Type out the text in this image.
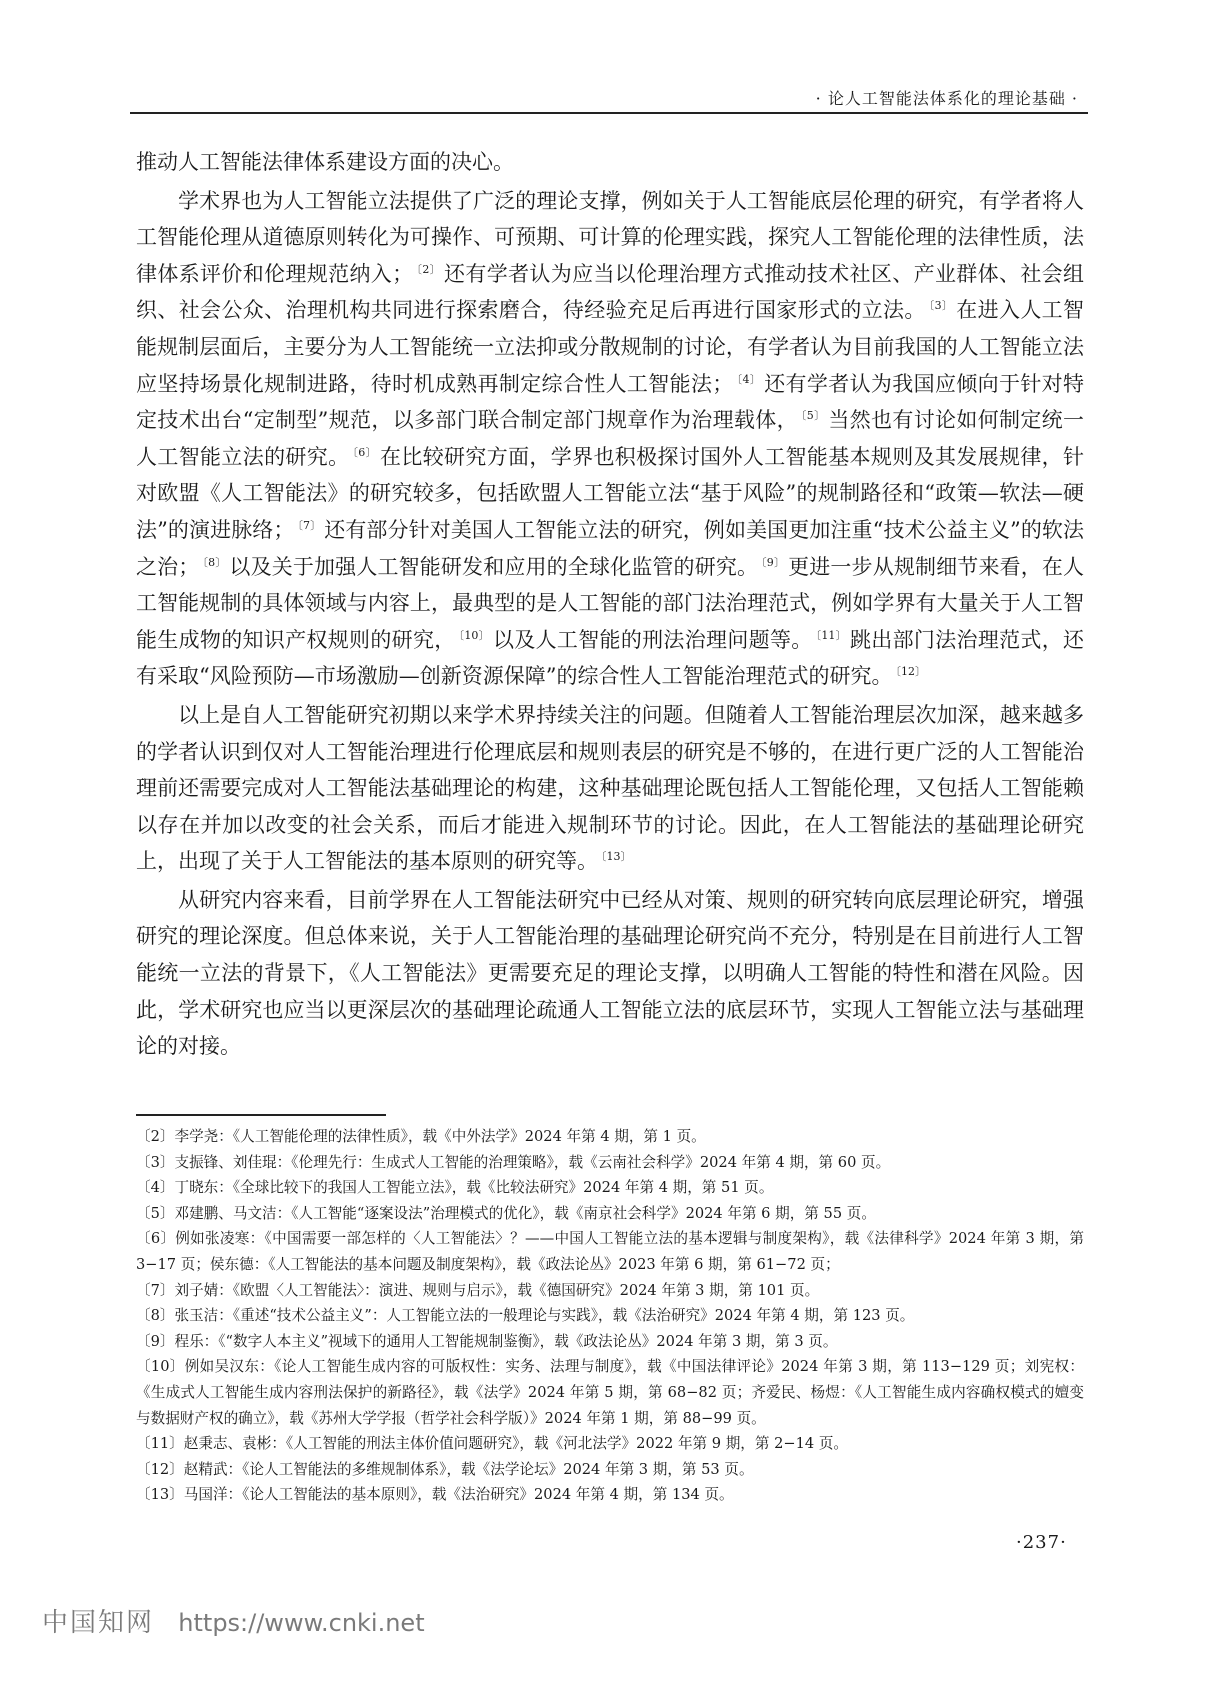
· 论人工智能法体系化的理论基础 ·

推动人工智能法律体系建设方面的决心。

学术界也为人工智能立法提供了广泛的理论支撑，例如关于人工智能底层伦理的研究，有学者将人工智能伦理从道德原则转化为可操作、可预期、可计算的伦理实践，探究人工智能伦理的法律性质，法律体系评价和伦理规范纳入； $^{〔2〕}$ 还有学者认为应当以伦理治理方式推动技术社区、产业群体、社会组织、社会公众、治理机构共同进行探索磨合，待经验充足后再进行国家形式的立法。 $^{〔3〕}$ 在进入人工智能规制层面后，主要分为人工智能统一立法抑或分散规制的讨论，有学者认为目前我国的人工智能立法应坚持场景化规制进路，待时机成熟再制定综合性人工智能法； $^{〔4〕}$ 还有学者认为我国应倾向于针对特定技术出台“定制型”规范，以多部门联合制定部门规章作为治理载体， $^{〔5〕}$ 当然也有讨论如何制定统一人工智能立法的研究。 $^{〔6〕}$ 在比较研究方面，学界也积极探讨国外人工智能基本规则及其发展规律，针对欧盟《人工智能法》的研究较多，包括欧盟人工智能立法“基于风险”的规制路径和“政策—软法—硬法”的演进脉络； $^{〔7〕}$ 还有部分针对美国人工智能立法的研究，例如美国更加注重“技术公益主义”的软法之治； $^{〔8〕}$ 以及关于加强人工智能研发和应用的全球化监管的研究。 $^{〔9〕}$ 更进一步从规制细节来看，在人工智能规制的具体领域与内容上，最典型的是人工智能的部门法治理范式，例如学界有大量关于人工智能生成物的知识产权规则的研究， $^{〔10〕}$ 以及人工智能的刑法治理问题等。 $^{〔11〕}$ 跳出部门法治理范式，还有采取“风险预防—市场激励—创新资源保障”的综合性人工智能治理范式的研究。 $^{〔12〕}$

以上是自人工智能研究初期以来学术界持续关注的问题。但随着人工智能治理层次加深，越来越多的学者认识到仅对人工智能治理进行伦理底层和规则表层的研究是不够的，在进行更广泛的人工智能治理前还需要完成对人工智能法基础理论的构建，这种基础理论既包括人工智能伦理，又包括人工智能赖以存在并加以改变的社会关系，而后才能进入规制环节的讨论。因此，在人工智能法的基础理论研究上，出现了关于人工智能法的基本原则的研究等。 $^{〔13〕}$

从研究内容来看，目前学界在人工智能法研究中已经从对策、规则的研究转向底层理论研究，增强研究的理论深度。但总体来说，关于人工智能治理的基础理论研究尚不充分，特别是在目前进行人工智能统一立法的背景下，《人工智能法》更需要充足的理论支撑，以明确人工智能的特性和潜在风险。因此，学术研究也应当以更深层次的基础理论疏通人工智能立法的底层环节，实现人工智能立法与基础理论的对接。

〔2〕李学尧：《人工智能伦理的法律性质》，载《中外法学》2024 年第 4 期，第 1 页。

〔3〕支振锋、刘佳琨：《伦理先行：生成式人工智能的治理策略》，载《云南社会科学》2024 年第 4 期，第 60 页。

〔4〕丁晓东：《全球比较下的我国人工智能立法》，载《比较法研究》2024 年第 4 期，第 51 页。

〔5〕邓建鹏、马文洁：《人工智能“逐案设法”治理模式的优化》，载《南京社会科学》2024 年第 6 期，第 55 页。

〔6〕例如张凌寒：《中国需要一部怎样的〈人工智能法〉？——中国人工智能立法的基本逻辑与制度架构》，载《法律科学》2024 年第 3 期，第 3−17 页；侯东德：《人工智能法的基本问题及制度架构》，载《政法论丛》2023 年第 6 期，第 61−72 页；

〔7〕刘子婧：《欧盟〈人工智能法〉：演进、规则与启示》，载《德国研究》2024 年第 3 期，第 101 页。

〔8〕张玉洁：《重述“技术公益主义”：人工智能立法的一般理论与实践》，载《法治研究》2024 年第 4 期，第 123 页。

〔9〕程乐：《“数字人本主义”视域下的通用人工智能规制鉴衡》，载《政法论丛》2024 年第 3 期，第 3 页。

〔10〕例如吴汉东：《论人工智能生成内容的可版权性：实务、法理与制度》，载《中国法律评论》2024 年第 3 期，第 113−129 页；刘宪权：《生成式人工智能生成内容刑法保护的新路径》，载《法学》2024 年第 5 期，第 68−82 页；齐爱民、杨煜：《人工智能生成内容确权模式的嬗变与数据财产权的确立》，载《苏州大学学报（哲学社会科学版）》2024 年第 1 期，第 88−99 页。

〔11〕赵秉志、袁彬：《人工智能的刑法主体价值问题研究》，载《河北法学》2022 年第 9 期，第 2−14 页。

〔12〕赵精武：《论人工智能法的多维规制体系》，载《法学论坛》2024 年第 3 期，第 53 页。

〔13〕马国洋：《论人工智能法的基本原则》，载《法治研究》2024 年第 4 期，第 134 页。

·237·
中国知网 https://www.cnki.net
